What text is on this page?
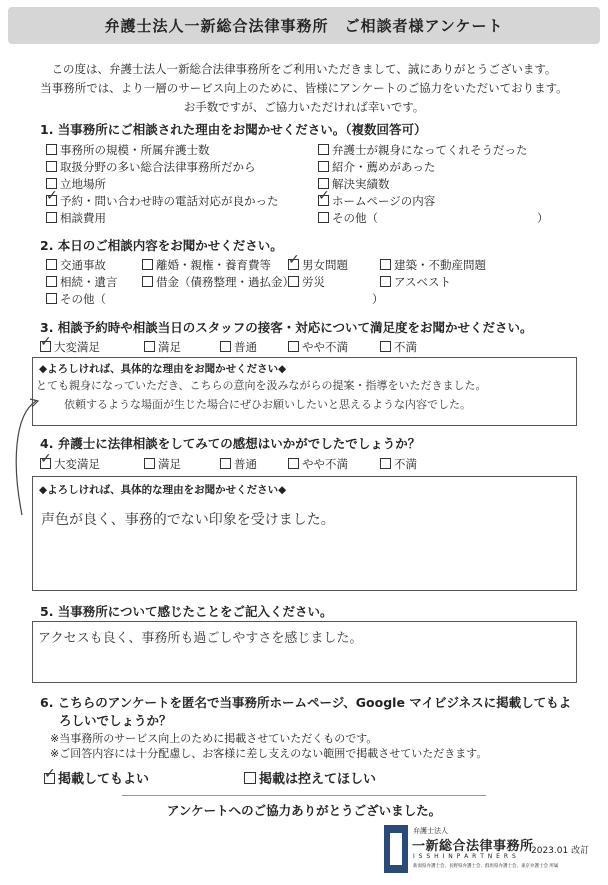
弁護士法人一新総合法律事務所　ご相談者様アンケート
この度は、弁護士法人一新総合法律事務所をご利用いただきまして、誠にありがとうございます。
当事務所では、より一層のサービス向上のために、皆様にアンケートのご協力をいただいております。
お手数ですが、ご協力いただければ幸いです。
1. 当事務所にご相談された理由をお聞かせください。（複数回答可）
事務所の規模・所属弁護士数	弁護士が親身になってくれそうだった
取扱分野の多い総合法律事務所だから	紹介・薦めがあった
立地場所	解決実績数
✓予約・問い合わせ時の電話対応が良かった ✓	ホームページの内容
相談費用	その他（	）
2. 本日のご相談内容をお聞かせください。
交通事故	離婚・親権・養育費等 ✓	男女問題	建築・不動産問題
相続・遺言	借金（債務整理・過払金） 労災	アスベスト
その他（	）
3. 相談予約時や相談当日のスタッフの接客・対応について満足度をお聞かせください。
✓大変満足	満足	普通	やや不満	不満
◆よろしければ、具体的な理由をお聞かせください◆
とても親身になっていただき、こちらの意向を汲みながらの提案・指導をいただきました。
依頼するような場面が生じた場合にぜひお願いしたいと思えるような内容でした。
4. 弁護士に法律相談をしてみての感想はいかがでしたでしょうか？
✓大変満足	満足	普通	やや不満	不満
◆よろしければ、具体的な理由をお聞かせください◆
声色が良く、事務的でない印象を受けました。
5. 当事務所について感じたことをご記入ください。
アクセスも良く、事務所も過ごしやすさを感じました。
6. こちらのアンケートを匿名で当事務所ホームページ、Google マイビジネスに掲載してもよ
ろしいでしょうか？
※当事務所のサービス向上のために掲載させていただくものです。
※ご回答内容には十分配慮し、お客様に差し支えのない範囲で掲載させていただきます。
✓掲載してもよい	掲載は控えてほしい
アンケートへのご協力ありがとうございました。
弁護士法人
一新総合法律事務所
I S S H I N P A R T N E R S
新潟県弁護士会、長野県弁護士会、群馬県弁護士会、東京弁護士会 所属
2023.01 改訂
